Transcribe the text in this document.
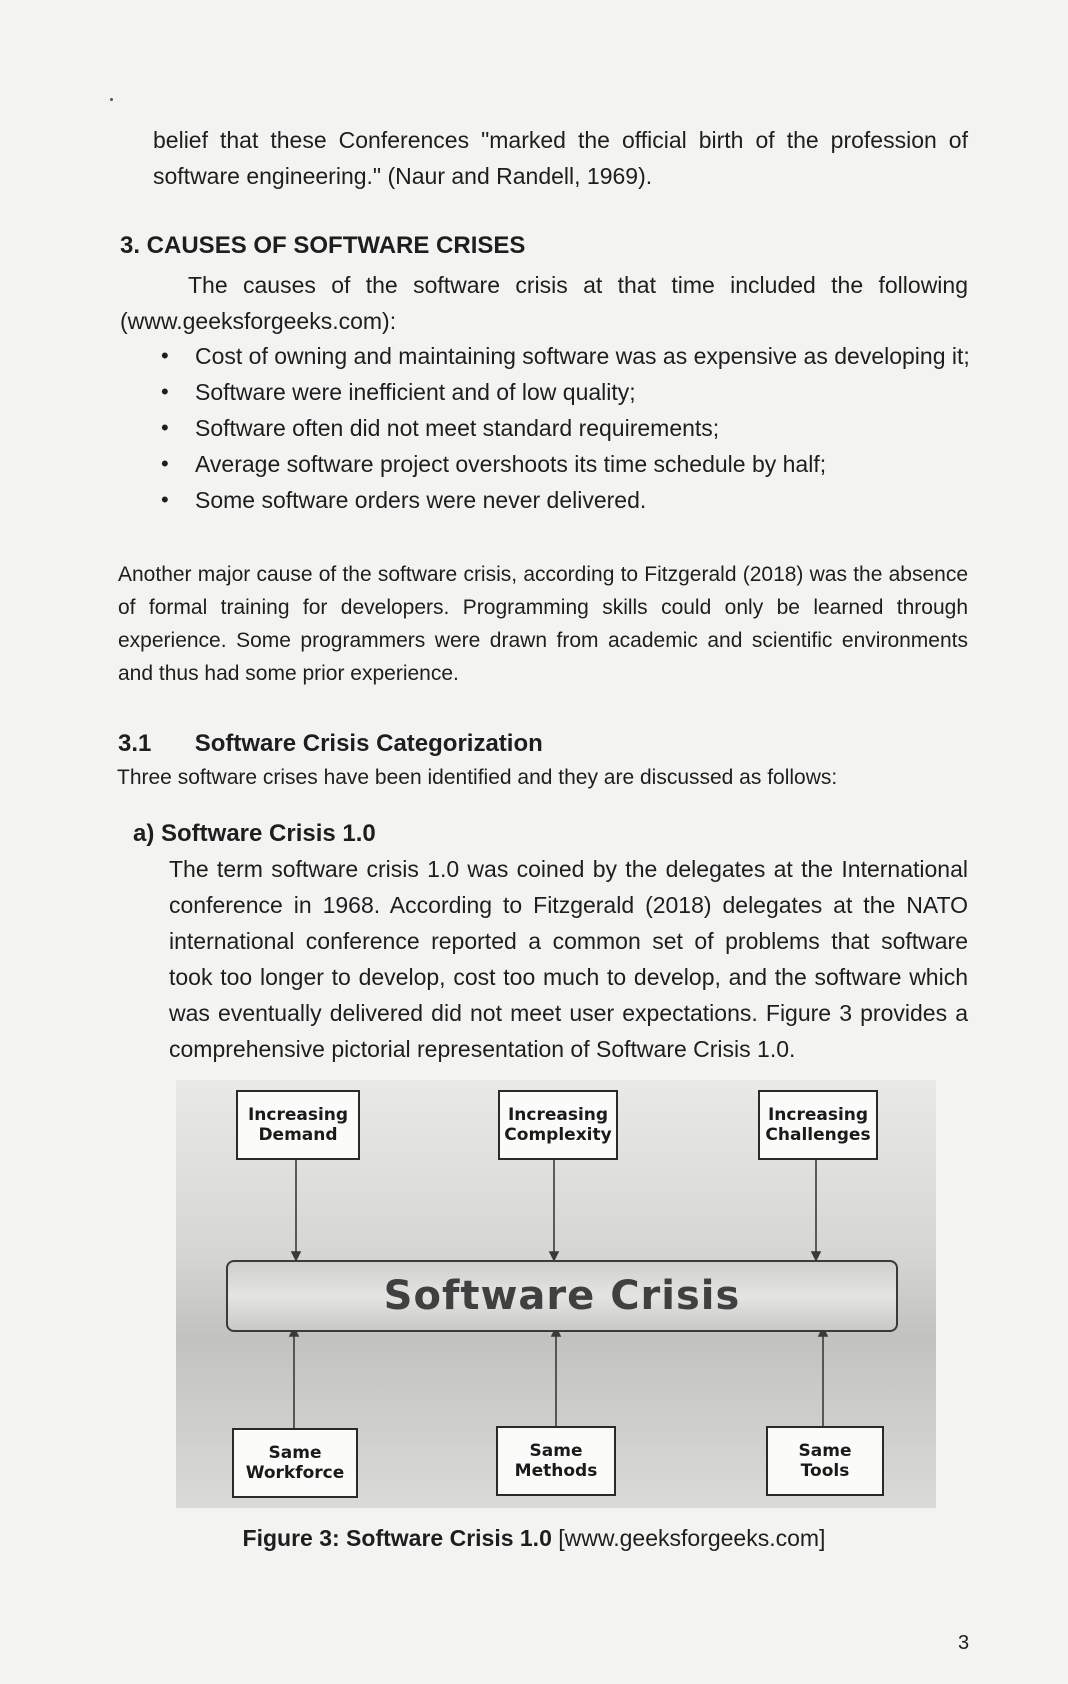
belief that these Conferences "marked the official birth of the profession of software engineering." (Naur and Randell, 1969).

3. CAUSES OF SOFTWARE CRISES

The causes of the software crisis at that time included the following (www.geeksforgeeks.com):

• Cost of owning and maintaining software was as expensive as developing it;
• Software were inefficient and of low quality;
• Software often did not meet standard requirements;
• Average software project overshoots its time schedule by half;
• Some software orders were never delivered.

Another major cause of the software crisis, according to Fitzgerald (2018) was the absence of formal training for developers. Programming skills could only be learned through experience. Some programmers were drawn from academic and scientific environments and thus had some prior experience.

3.1 Software Crisis Categorization

Three software crises have been identified and they are discussed as follows:

a) Software Crisis 1.0

The term software crisis 1.0 was coined by the delegates at the International conference in 1968. According to Fitzgerald (2018) delegates at the NATO international conference reported a common set of problems that software took too longer to develop, cost too much to develop, and the software which was eventually delivered did not meet user expectations. Figure 3 provides a comprehensive pictorial representation of Software Crisis 1.0.

Increasing
Demand
Increasing
Complexity
Increasing
Challenges
Software Crisis
Same
Workforce
Same
Methods
Same
Tools
Figure 3: Software Crisis 1.0 [www.geeksforgeeks.com]
3
